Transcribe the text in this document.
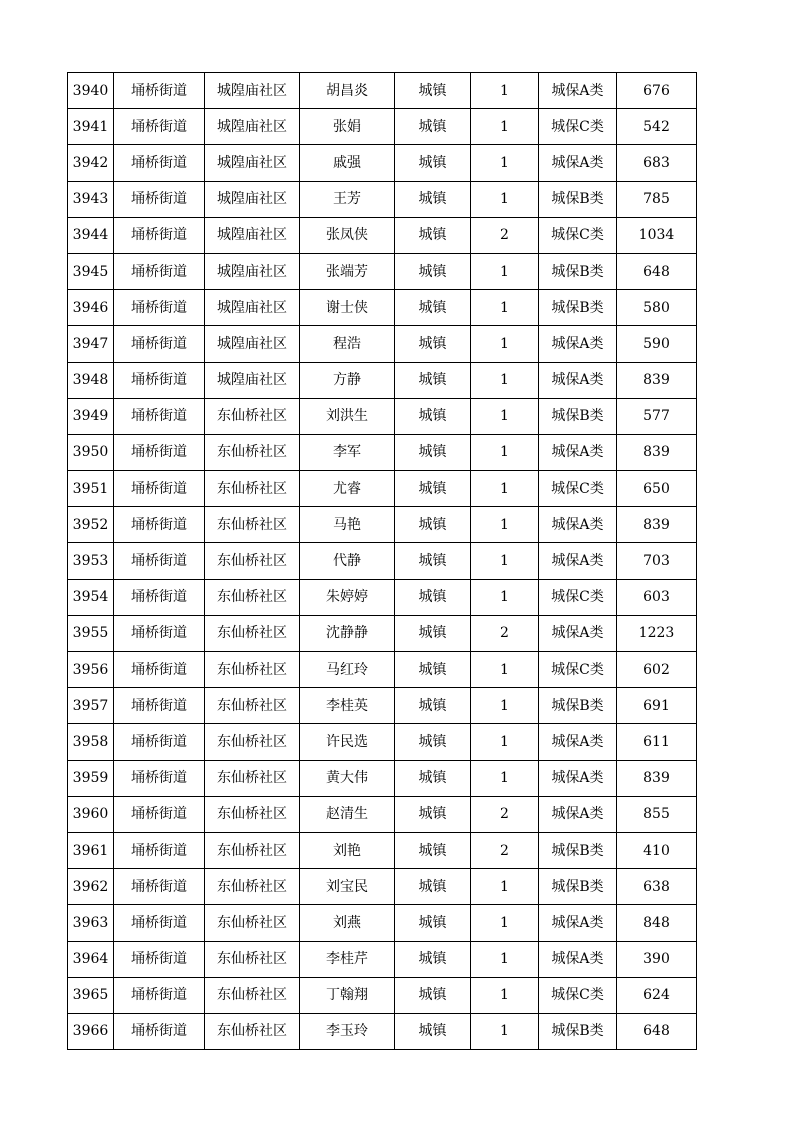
3940	埇桥街道	城隍庙社区	胡昌炎	城镇	1	城保A类	676
3941	埇桥街道	城隍庙社区	张娟	城镇	1	城保C类	542
3942	埇桥街道	城隍庙社区	戚强	城镇	1	城保A类	683
3943	埇桥街道	城隍庙社区	王芳	城镇	1	城保B类	785
3944	埇桥街道	城隍庙社区	张凤侠	城镇	2	城保C类	1034
3945	埇桥街道	城隍庙社区	张端芳	城镇	1	城保B类	648
3946	埇桥街道	城隍庙社区	谢士侠	城镇	1	城保B类	580
3947	埇桥街道	城隍庙社区	程浩	城镇	1	城保A类	590
3948	埇桥街道	城隍庙社区	方静	城镇	1	城保A类	839
3949	埇桥街道	东仙桥社区	刘洪生	城镇	1	城保B类	577
3950	埇桥街道	东仙桥社区	李军	城镇	1	城保A类	839
3951	埇桥街道	东仙桥社区	尤睿	城镇	1	城保C类	650
3952	埇桥街道	东仙桥社区	马艳	城镇	1	城保A类	839
3953	埇桥街道	东仙桥社区	代静	城镇	1	城保A类	703
3954	埇桥街道	东仙桥社区	朱婷婷	城镇	1	城保C类	603
3955	埇桥街道	东仙桥社区	沈静静	城镇	2	城保A类	1223
3956	埇桥街道	东仙桥社区	马红玲	城镇	1	城保C类	602
3957	埇桥街道	东仙桥社区	李桂英	城镇	1	城保B类	691
3958	埇桥街道	东仙桥社区	许民选	城镇	1	城保A类	611
3959	埇桥街道	东仙桥社区	黄大伟	城镇	1	城保A类	839
3960	埇桥街道	东仙桥社区	赵清生	城镇	2	城保A类	855
3961	埇桥街道	东仙桥社区	刘艳	城镇	2	城保B类	410
3962	埇桥街道	东仙桥社区	刘宝民	城镇	1	城保B类	638
3963	埇桥街道	东仙桥社区	刘燕	城镇	1	城保A类	848
3964	埇桥街道	东仙桥社区	李桂芹	城镇	1	城保A类	390
3965	埇桥街道	东仙桥社区	丁翰翔	城镇	1	城保C类	624
3966	埇桥街道	东仙桥社区	李玉玲	城镇	1	城保B类	648
